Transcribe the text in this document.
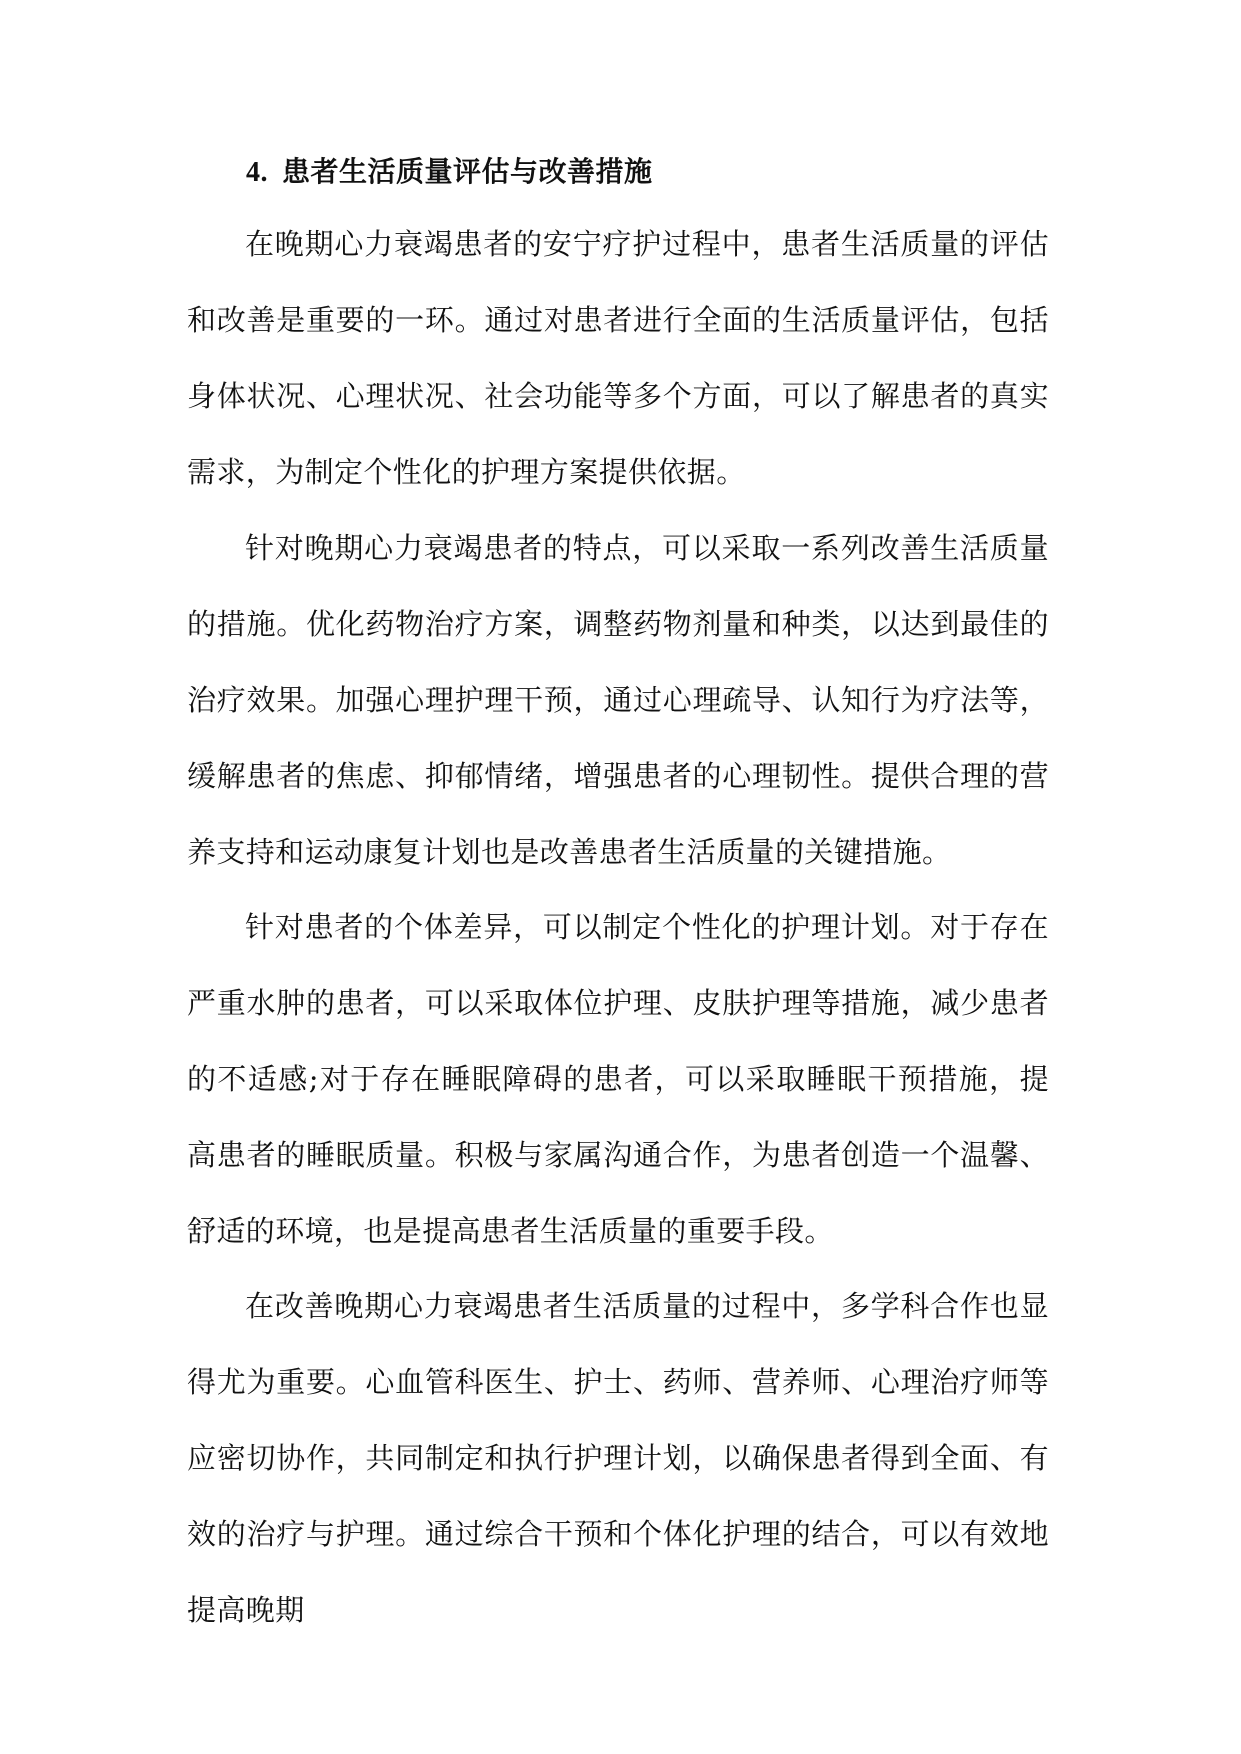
4. 患者生活质量评估与改善措施

在晚期心力衰竭患者的安宁疗护过程中，患者生活质量的评估和改善是重要的一环。通过对患者进行全面的生活质量评估，包括身体状况、心理状况、社会功能等多个方面，可以了解患者的真实需求，为制定个性化的护理方案提供依据。

针对晚期心力衰竭患者的特点，可以采取一系列改善生活质量的措施。优化药物治疗方案，调整药物剂量和种类，以达到最佳的治疗效果。加强心理护理干预，通过心理疏导、认知行为疗法等，缓解患者的焦虑、抑郁情绪，增强患者的心理韧性。提供合理的营养支持和运动康复计划也是改善患者生活质量的关键措施。

针对患者的个体差异，可以制定个性化的护理计划。对于存在严重水肿的患者，可以采取体位护理、皮肤护理等措施，减少患者的不适感;对于存在睡眠障碍的患者，可以采取睡眠干预措施，提高患者的睡眠质量。积极与家属沟通合作，为患者创造一个温馨、舒适的环境，也是提高患者生活质量的重要手段。

在改善晚期心力衰竭患者生活质量的过程中，多学科合作也显得尤为重要。心血管科医生、护士、药师、营养师、心理治疗师等应密切协作，共同制定和执行护理计划，以确保患者得到全面、有效的治疗与护理。通过综合干预和个体化护理的结合，可以有效地提高晚期
